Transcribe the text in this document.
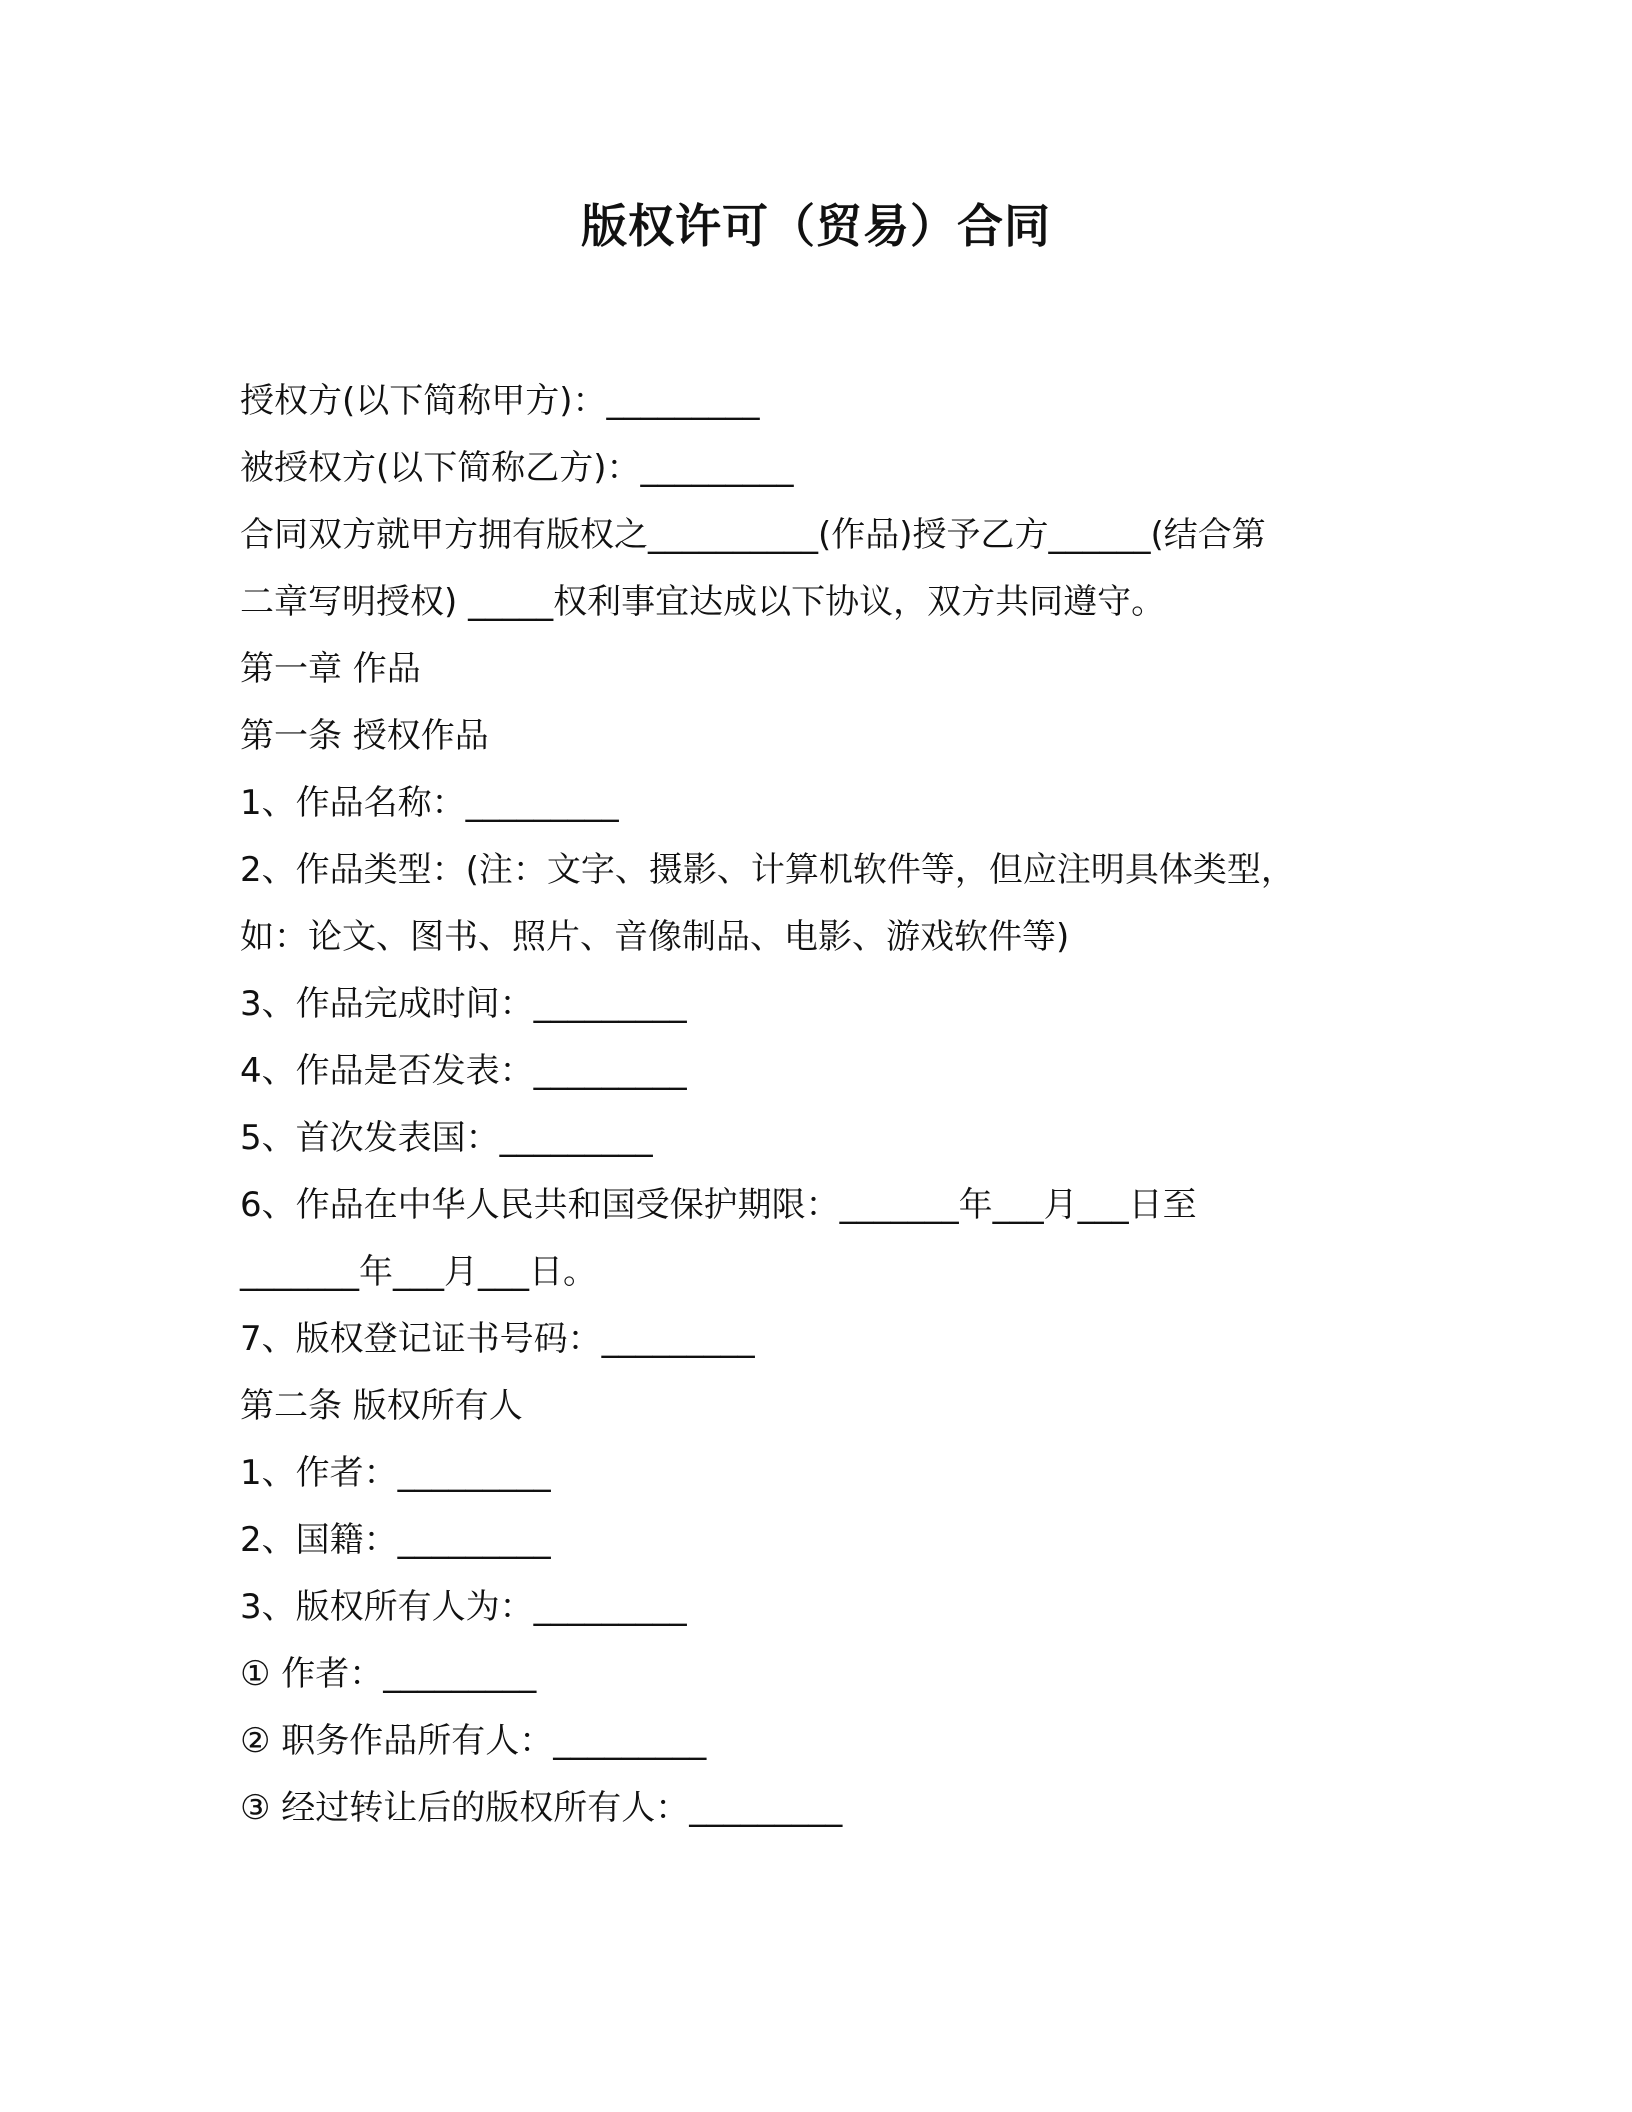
版权许可（贸易）合同
授权方(以下简称甲方)：_________
被授权方(以下简称乙方)：_________
合同双方就甲方拥有版权之__________(作品)授予乙方______(结合第
二章写明授权) _____权利事宜达成以下协议，双方共同遵守。
第一章 作品
第一条 授权作品
1、作品名称：_________
2、作品类型：(注：文字、摄影、计算机软件等，但应注明具体类型，
如：论文、图书、照片、音像制品、电影、游戏软件等)
3、作品完成时间：_________
4、作品是否发表：_________
5、首次发表国：_________
6、作品在中华人民共和国受保护期限：_______年___月___日至
_______年___月___日。
7、版权登记证书号码：_________
第二条 版权所有人
1、作者：_________
2、国籍：_________
3、版权所有人为：_________
① 作者：_________
② 职务作品所有人：_________
③ 经过转让后的版权所有人：_________
